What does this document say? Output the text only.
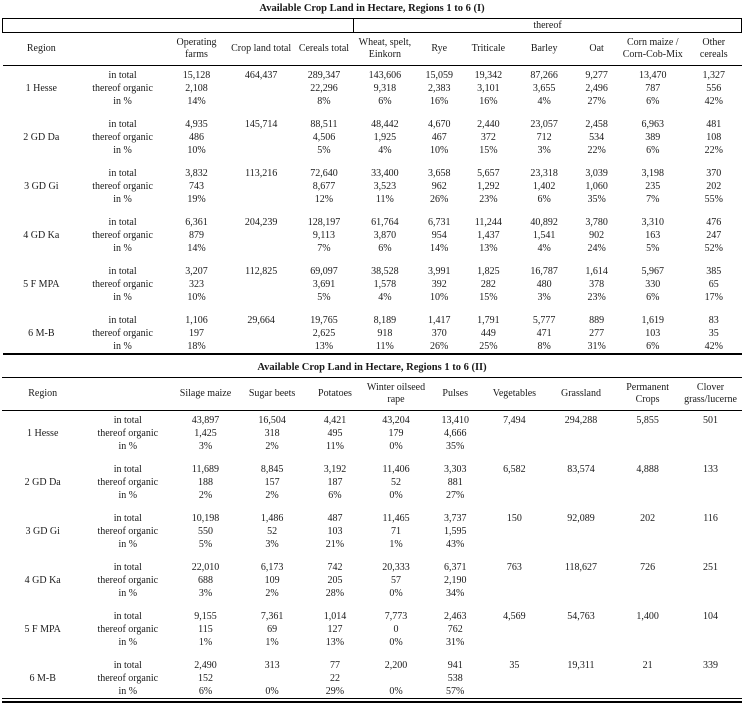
Available Crop Land in Hectare, Regions 1 to 6 (I)											
					thereof						
Region		Operating farms	Crop land total	Cereals total	Wheat, spelt, Einkorn	Rye	Triticale	Barley	Oat	Corn maize / Corn-Cob-Mix	Other cereals
	in total	15,128	464,437	289,347	143,606	15,059	19,342	87,266	9,277	13,470	1,327
1 Hesse	thereof organic	2,108		22,296	9,318	2,383	3,101	3,655	2,496	787	556
	in %	14%		8%	6%	16%	16%	4%	27%	6%	42%

	in total	4,935	145,714	88,511	48,442	4,670	2,440	23,057	2,458	6,963	481
2 GD Da	thereof organic	486		4,506	1,925	467	372	712	534	389	108
	in %	10%		5%	4%	10%	15%	3%	22%	6%	22%

	in total	3,832	113,216	72,640	33,400	3,658	5,657	23,318	3,039	3,198	370
3 GD Gi	thereof organic	743		8,677	3,523	962	1,292	1,402	1,060	235	202
	in %	19%		12%	11%	26%	23%	6%	35%	7%	55%

	in total	6,361	204,239	128,197	61,764	6,731	11,244	40,892	3,780	3,310	476
4 GD Ka	thereof organic	879		9,113	3,870	954	1,437	1,541	902	163	247
	in %	14%		7%	6%	14%	13%	4%	24%	5%	52%

	in total	3,207	112,825	69,097	38,528	3,991	1,825	16,787	1,614	5,967	385
5 F MPA	thereof organic	323		3,691	1,578	392	282	480	378	330	65
	in %	10%		5%	4%	10%	15%	3%	23%	6%	17%

	in total	1,106	29,664	19,765	8,189	1,417	1,791	5,777	889	1,619	83
6 M-B	thereof organic	197		2,625	918	370	449	471	277	103	35
	in %	18%		13%	11%	26%	25%	8%	31%	6%	42%
Available Crop Land in Hectare, Regions 1 to 6 (II)										
Region		Silage maize	Sugar beets	Potatoes	Winter oilseed rape	Pulses	Vegetables	Grassland	Permanent Crops	Clover grass/lucerne
	in total	43,897	16,504	4,421	43,204	13,410	7,494	294,288	5,855	501
1 Hesse	thereof organic	1,425	318	495	179	4,666				
	in %	3%	2%	11%	0%	35%				

	in total	11,689	8,845	3,192	11,406	3,303	6,582	83,574	4,888	133
2 GD Da	thereof organic	188	157	187	52	881				
	in %	2%	2%	6%	0%	27%				

	in total	10,198	1,486	487	11,465	3,737	150	92,089	202	116
3 GD Gi	thereof organic	550	52	103	71	1,595				
	in %	5%	3%	21%	1%	43%				

	in total	22,010	6,173	742	20,333	6,371	763	118,627	726	251
4 GD Ka	thereof organic	688	109	205	57	2,190				
	in %	3%	2%	28%	0%	34%				

	in total	9,155	7,361	1,014	7,773	2,463	4,569	54,763	1,400	104
5 F MPA	thereof organic	115	69	127	0	762				
	in %	1%	1%	13%	0%	31%				

	in total	2,490	313	77	2,200	941	35	19,311	21	339
6 M-B	thereof organic	152		22		538				
	in %	6%	0%	29%	0%	57%				
